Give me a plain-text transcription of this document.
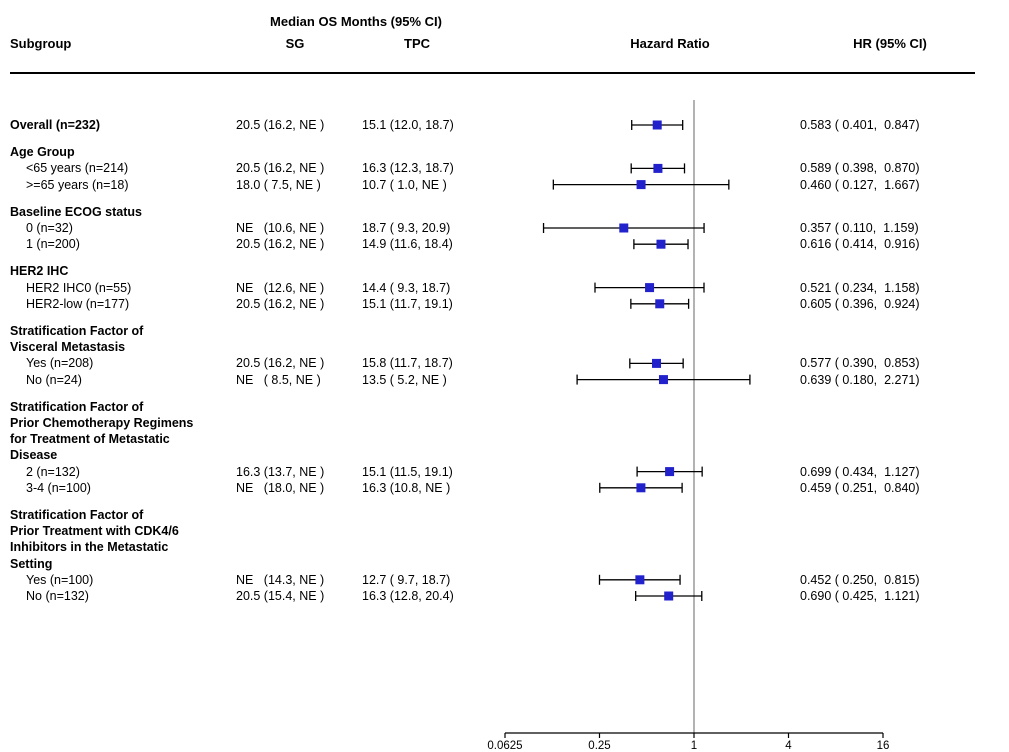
Median OS Months (95% CI)
Subgroup	SG	TPC	Hazard Ratio	HR (95% CI)
Overall (n=232)	20.5 (16.2, NE )	15.1 (12.0, 18.7)	0.583 ( 0.401,  0.847)
Age Group
<65 years (n=214)	20.5 (16.2, NE )	16.3 (12.3, 18.7)	0.589 ( 0.398,  0.870)
>=65 years (n=18)	18.0 ( 7.5, NE )	10.7 ( 1.0, NE )	0.460 ( 0.127,  1.667)
Baseline ECOG status
0 (n=32)	NE   (10.6, NE )	18.7 ( 9.3, 20.9)	0.357 ( 0.110,  1.159)
1 (n=200)	20.5 (16.2, NE )	14.9 (11.6, 18.4)	0.616 ( 0.414,  0.916)
HER2 IHC
HER2 IHC0 (n=55)	NE   (12.6, NE )	14.4 ( 9.3, 18.7)	0.521 ( 0.234,  1.158)
HER2-low (n=177)	20.5 (16.2, NE )	15.1 (11.7, 19.1)	0.605 ( 0.396,  0.924)
Stratification Factor of
Visceral Metastasis
Yes (n=208)	20.5 (16.2, NE )	15.8 (11.7, 18.7)	0.577 ( 0.390,  0.853)
No (n=24)	NE   ( 8.5, NE )	13.5 ( 5.2, NE )	0.639 ( 0.180,  2.271)
Stratification Factor of
Prior Chemotherapy Regimens
for Treatment of Metastatic
Disease
2 (n=132)	16.3 (13.7, NE )	15.1 (11.5, 19.1)	0.699 ( 0.434,  1.127)
3-4 (n=100)	NE   (18.0, NE )	16.3 (10.8, NE )	0.459 ( 0.251,  0.840)
Stratification Factor of
Prior Treatment with CDK4/6
Inhibitors in the Metastatic
Setting
Yes (n=100)	NE   (14.3, NE )	12.7 ( 9.7, 18.7)	0.452 ( 0.250,  0.815)
No (n=132)	20.5 (15.4, NE )	16.3 (12.8, 20.4)	0.690 ( 0.425,  1.121)
0.0625	0.25	1	4	16
